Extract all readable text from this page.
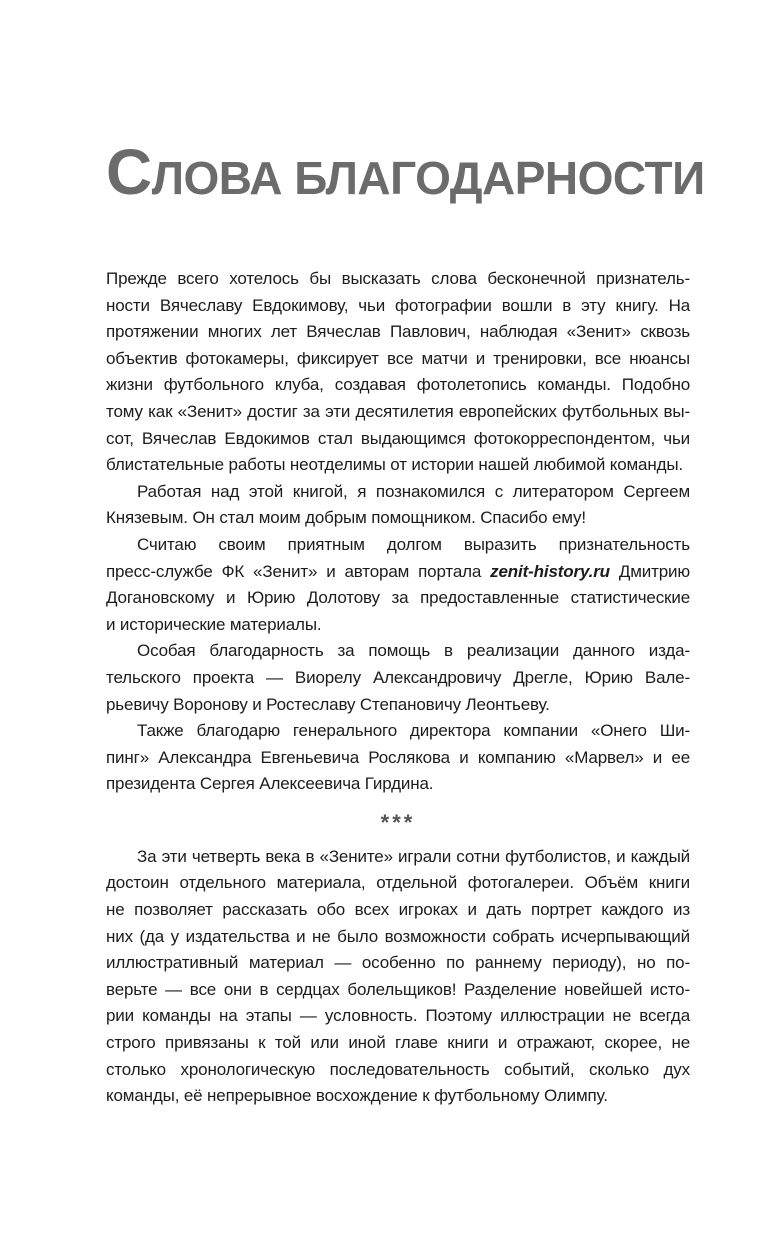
СЛОВА БЛАГОДАРНОСТИ
Прежде всего хотелось бы высказать слова бесконечной признатель-
ности Вячеславу Евдокимову, чьи фотографии вошли в эту книгу. На
протяжении многих лет Вячеслав Павлович, наблюдая «Зенит» сквозь
объектив фотокамеры, фиксирует все матчи и тренировки, все нюансы
жизни футбольного клуба, создавая фотолетопись команды. Подобно
тому как «Зенит» достиг за эти десятилетия европейских футбольных вы-
сот, Вячеслав Евдокимов стал выдающимся фотокорреспондентом, чьи
блистательные работы неотделимы от истории нашей любимой команды.
Работая над этой книгой, я познакомился с литератором Сергеем
Князевым. Он стал моим добрым помощником. Спасибо ему!
Считаю своим приятным долгом выразить признательность
пресс-службе ФК «Зенит» и авторам портала zenit-history.ru Дмитрию
Догановскому и Юрию Долотову за предоставленные статистические
и исторические материалы.
Особая благодарность за помощь в реализации данного изда-
тельского проекта — Виорелу Александровичу Дрегле, Юрию Вале-
рьевичу Воронову и Ростеславу Степановичу Леонтьеву.
Также благодарю генерального директора компании «Онего Ши-
пинг» Александра Евгеньевича Рослякова и компанию «Марвел» и ее
президента Сергея Алексеевича Гирдина.
***
За эти четверть века в «Зените» играли сотни футболистов, и каждый
достоин отдельного материала, отдельной фотогалереи. Объём книги
не позволяет рассказать обо всех игроках и дать портрет каждого из
них (да у издательства и не было возможности собрать исчерпывающий
иллюстративный материал — особенно по раннему периоду), но по-
верьте — все они в сердцах болельщиков! Разделение новейшей исто-
рии команды на этапы — условность. Поэтому иллюстрации не всегда
строго привязаны к той или иной главе книги и отражают, скорее, не
столько хронологическую последовательность событий, сколько дух
команды, её непрерывное восхождение к футбольному Олимпу.
